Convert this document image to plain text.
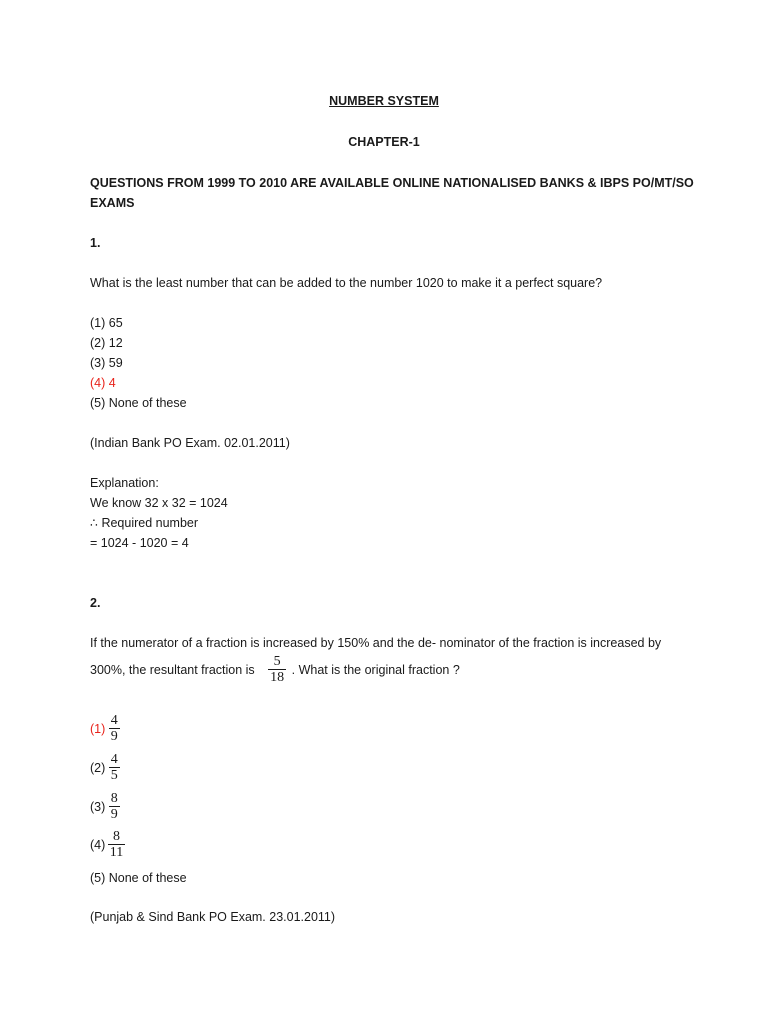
NUMBER SYSTEM
CHAPTER-1
QUESTIONS FROM 1999 TO 2010 ARE AVAILABLE ONLINE NATIONALISED BANKS & IBPS PO/MT/SO
EXAMS
1.
What is the least number that can be added to the number 1020 to make it a perfect square?
(1) 65
(2) 12
(3) 59
(4) 4
(5) None of these
(Indian Bank PO Exam. 02.01.2011)
Explanation:
We know 32 x 32 = 1024
∴ Required number
= 1024 - 1020 = 4
2.
If the numerator of a fraction is increased by 150% and the de- nominator of the fraction is increased by
300%, the resultant fraction is $\frac{5}{18}$ . What is the original fraction ?
$(1) \frac{4}{9}$
$(2) \frac{4}{5}$
$(3) \frac{8}{9}$
$(4) \frac{8}{11}$
(5) None of these
(Punjab & Sind Bank PO Exam. 23.01.2011)
